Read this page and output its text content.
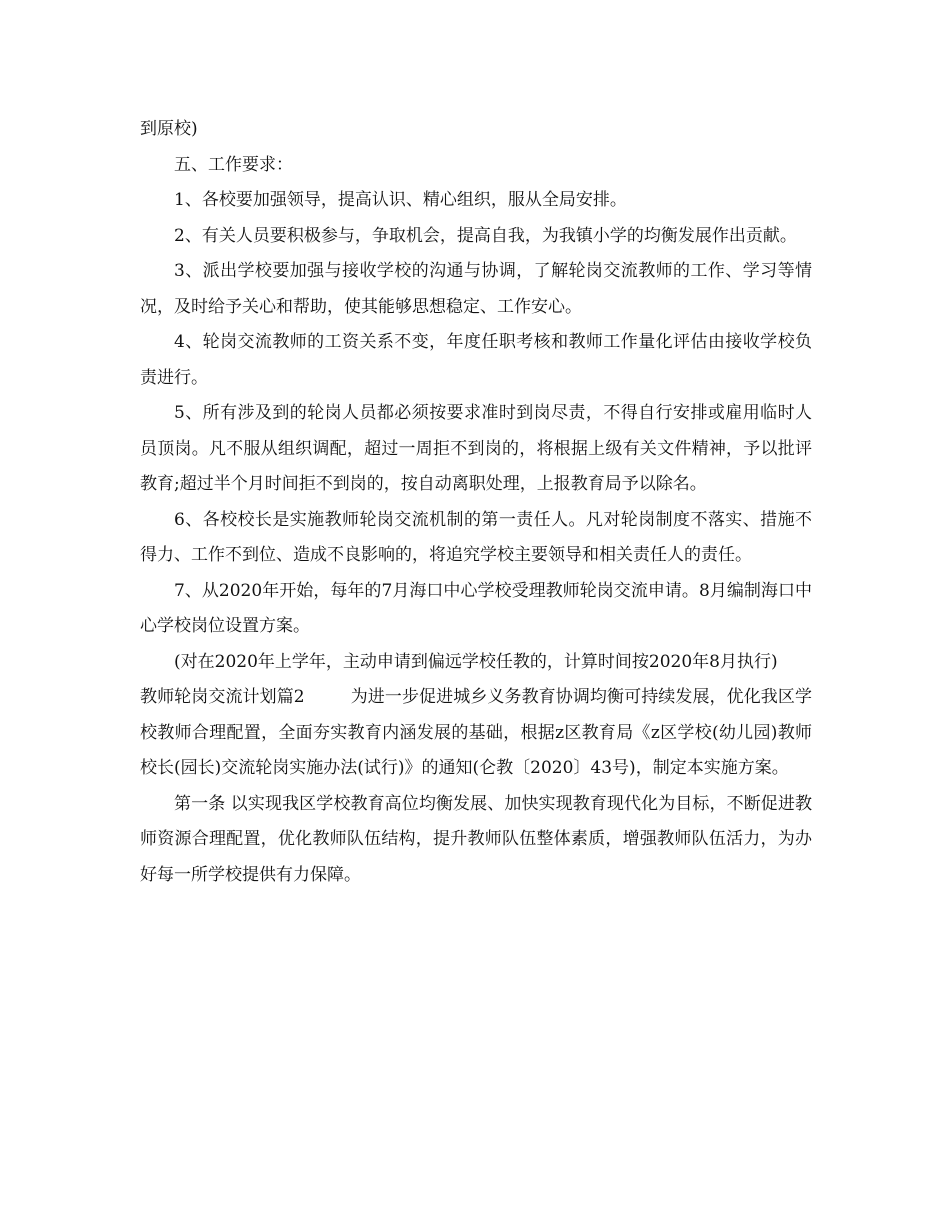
到原校)

五、工作要求：

1、各校要加强领导，提高认识、精心组织，服从全局安排。

2、有关人员要积极参与，争取机会，提高自我，为我镇小学的均衡发展作出贡献。

3、派出学校要加强与接收学校的沟通与协调，了解轮岗交流教师的工作、学习等情况，及时给予关心和帮助，使其能够思想稳定、工作安心。

4、轮岗交流教师的工资关系不变，年度任职考核和教师工作量化评估由接收学校负责进行。

5、所有涉及到的轮岗人员都必须按要求准时到岗尽责，不得自行安排或雇用临时人员顶岗。凡不服从组织调配，超过一周拒不到岗的，将根据上级有关文件精神，予以批评教育;超过半个月时间拒不到岗的，按自动离职处理，上报教育局予以除名。

6、各校校长是实施教师轮岗交流机制的第一责任人。凡对轮岗制度不落实、措施不得力、工作不到位、造成不良影响的，将追究学校主要领导和相关责任人的责任。

7、从2020年开始，每年的7月海口中心学校受理教师轮岗交流申请。8月编制海口中心学校岗位设置方案。

(对在2020年上学年，主动申请到偏远学校任教的，计算时间按2020年8月执行)

教师轮岗交流计划篇2	为进一步促进城乡义务教育协调均衡可持续发展，优化我区学校教师合理配置，全面夯实教育内涵发展的基础，根据z区教育局《z区学校(幼儿园)教师校长(园长)交流轮岗实施办法(试行)》的通知(仑教〔2020〕43号)，制定本实施方案。

第一条 以实现我区学校教育高位均衡发展、加快实现教育现代化为目标，不断促进教师资源合理配置，优化教师队伍结构，提升教师队伍整体素质，增强教师队伍活力，为办好每一所学校提供有力保障。
